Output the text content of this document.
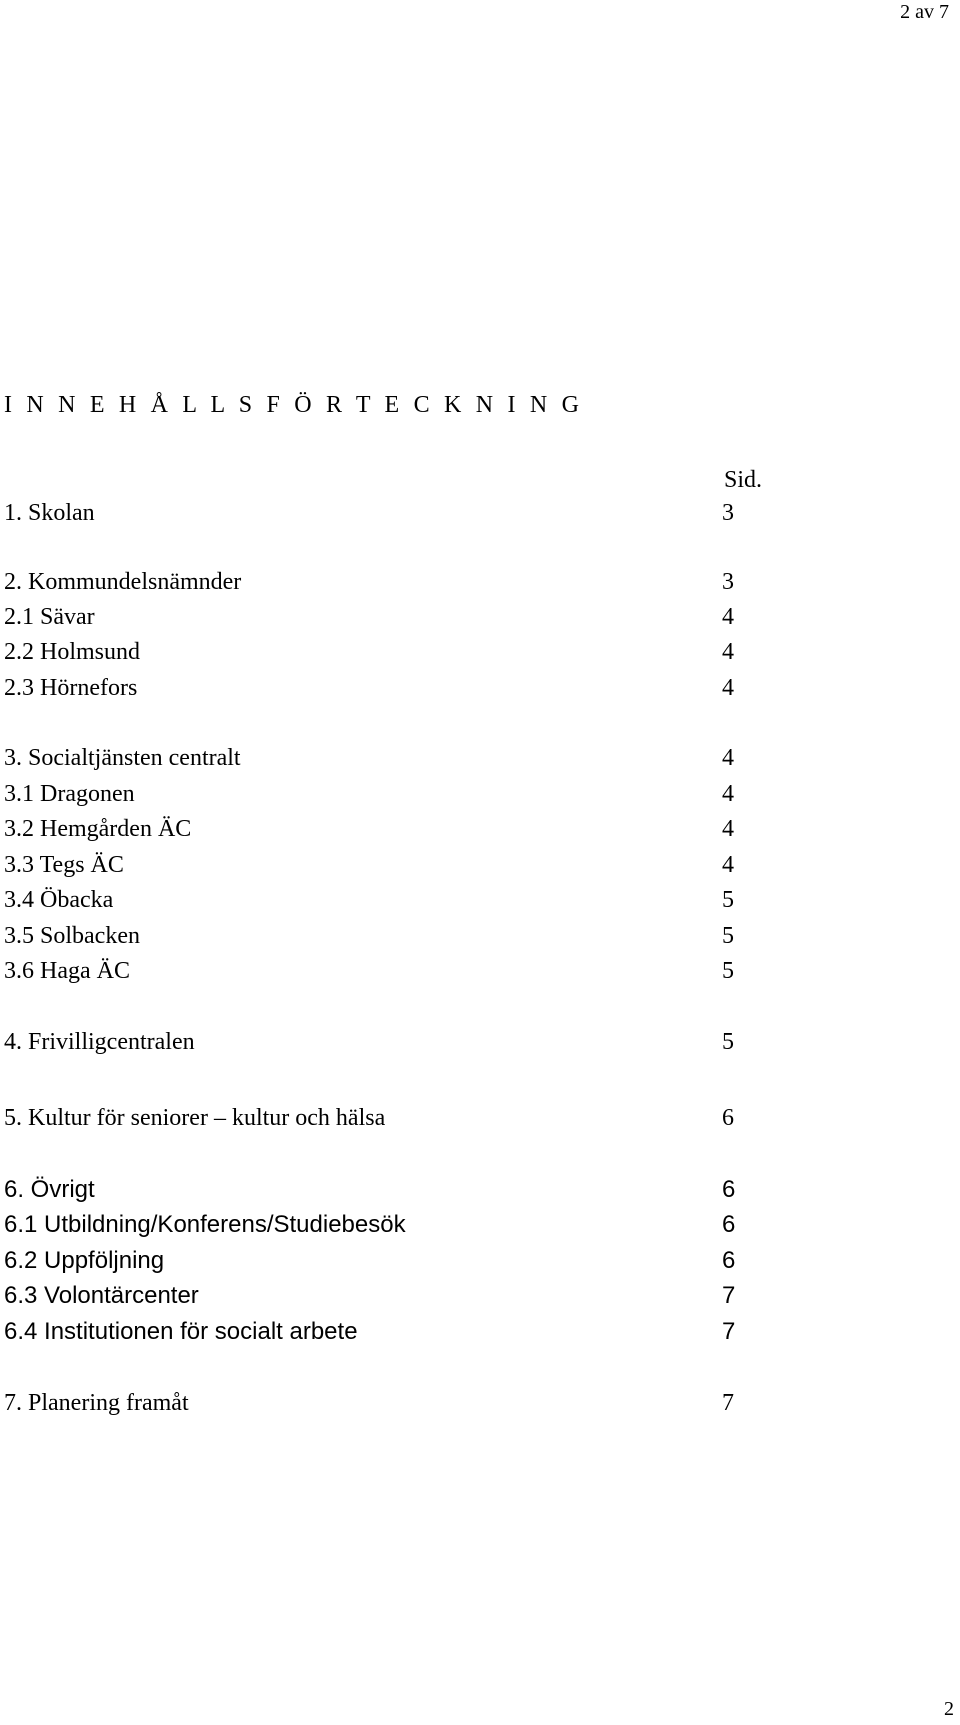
2 av 7
I N N E H Å L L S F Ö R T E C K N I N G
Sid.
1. Skolan	3
2. Kommundelsnämnder	3
2.1 Sävar	4
2.2 Holmsund	4
2.3 Hörnefors	4
3. Socialtjänsten centralt	4
3.1 Dragonen	4
3.2 Hemgården ÄC	4
3.3 Tegs ÄC	4
3.4 Öbacka	5
3.5 Solbacken	5
3.6 Haga ÄC	5
4. Frivilligcentralen	5
5. Kultur för seniorer – kultur och hälsa	6
6. Övrigt	6
6.1 Utbildning/Konferens/Studiebesök	6
6.2 Uppföljning	6
6.3 Volontärcenter	7
6.4 Institutionen för socialt arbete	7
7. Planering framåt	7
2
